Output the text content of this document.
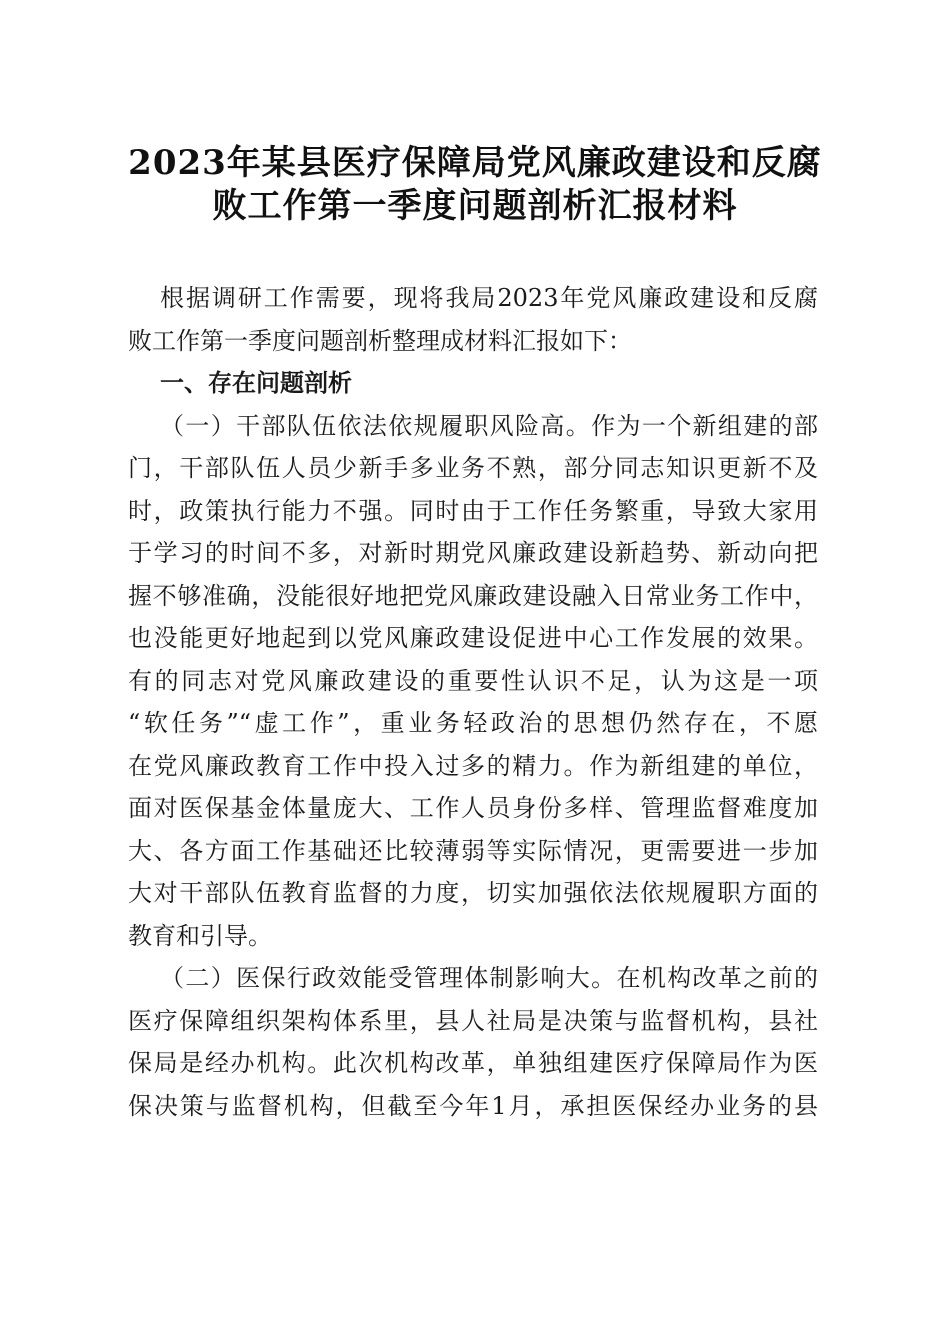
2023年某县医疗保障局党风廉政建设和反腐
败工作第一季度问题剖析汇报材料
根据调研工作需要，现将我局2023年党风廉政建设和反腐
败工作第一季度问题剖析整理成材料汇报如下：
一、存在问题剖析
（一）干部队伍依法依规履职风险高。作为一个新组建的部
门，干部队伍人员少新手多业务不熟，部分同志知识更新不及
时，政策执行能力不强。同时由于工作任务繁重，导致大家用
于学习的时间不多，对新时期党风廉政建设新趋势、新动向把
握不够准确，没能很好地把党风廉政建设融入日常业务工作中，
也没能更好地起到以党风廉政建设促进中心工作发展的效果。
有的同志对党风廉政建设的重要性认识不足，认为这是一项
“软任务”“虚工作”，重业务轻政治的思想仍然存在，不愿
在党风廉政教育工作中投入过多的精力。作为新组建的单位，
面对医保基金体量庞大、工作人员身份多样、管理监督难度加
大、各方面工作基础还比较薄弱等实际情况，更需要进一步加
大对干部队伍教育监督的力度，切实加强依法依规履职方面的
教育和引导。
（二）医保行政效能受管理体制影响大。在机构改革之前的
医疗保障组织架构体系里，县人社局是决策与监督机构，县社
保局是经办机构。此次机构改革，单独组建医疗保障局作为医
保决策与监督机构，但截至今年1月，承担医保经办业务的县
